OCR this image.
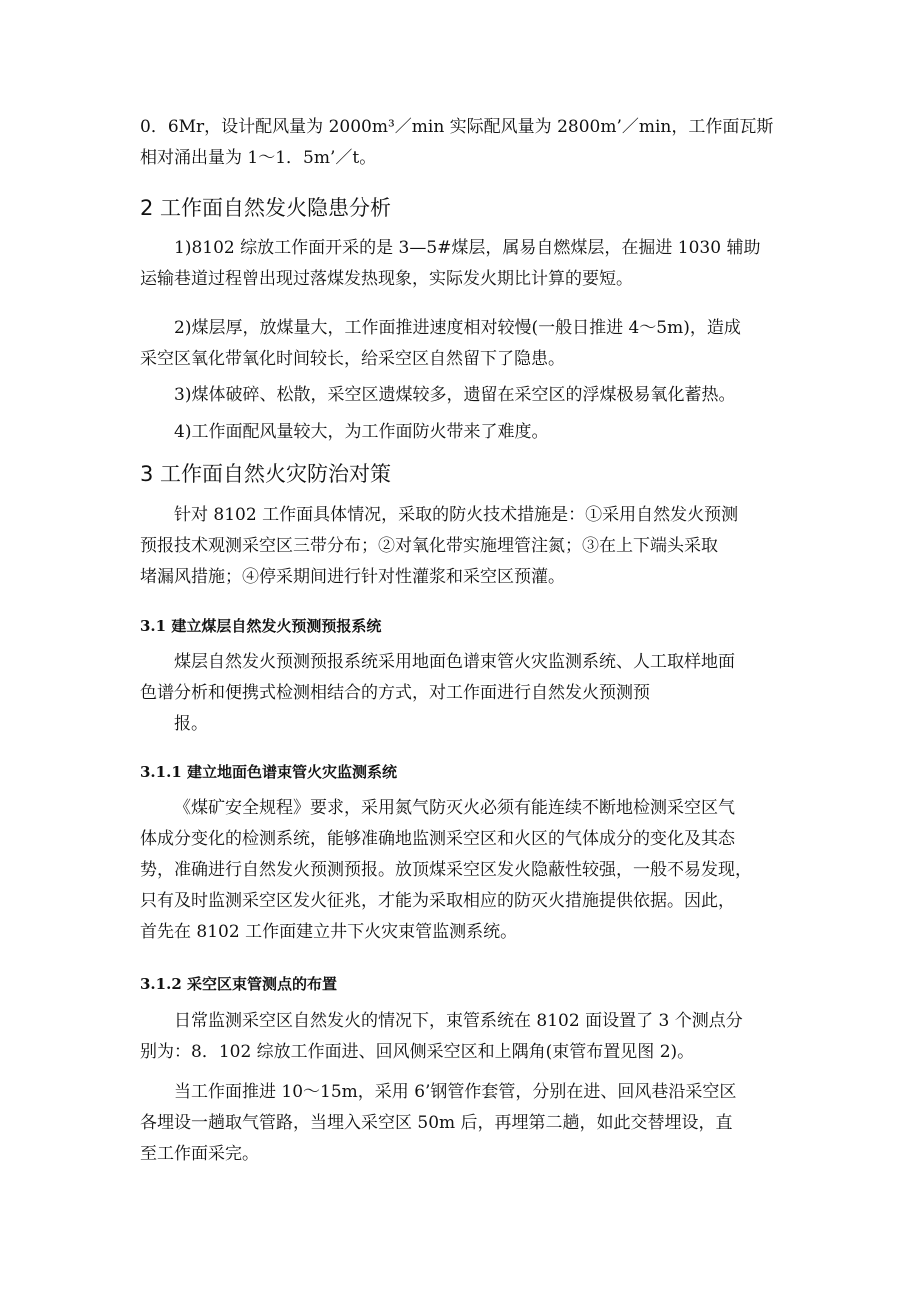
0．6Mr，设计配风量为 2000m³／min 实际配风量为 2800m’／min，工作面瓦斯
相对涌出量为 1～1．5m’／t。

2 工作面自然发火隐患分析

1)8102 综放工作面开采的是 3—5#煤层，属易自燃煤层，在掘进 1030 辅助
运输巷道过程曾出现过落煤发热现象，实际发火期比计算的要短。

2)煤层厚，放煤量大，工作面推进速度相对较慢(一般日推进 4～5m)，造成
采空区氧化带氧化时间较长，给采空区自然留下了隐患。

3)煤体破碎、松散，采空区遗煤较多，遗留在采空区的浮煤极易氧化蓄热。

4)工作面配风量较大，为工作面防火带来了难度。

3 工作面自然火灾防治对策

针对 8102 工作面具体情况，采取的防火技术措施是：①采用自然发火预测
预报技术观测采空区三带分布；②对氧化带实施埋管注氮；③在上下端头采取
堵漏风措施；④停采期间进行针对性灌浆和采空区预灌。

3.1 建立煤层自然发火预测预报系统

煤层自然发火预测预报系统采用地面色谱束管火灾监测系统、人工取样地面
色谱分析和便携式检测相结合的方式，对工作面进行自然发火预测预
报。

3.1.1 建立地面色谱束管火灾监测系统

《煤矿安全规程》要求，采用氮气防灭火必须有能连续不断地检测采空区气
体成分变化的检测系统，能够准确地监测采空区和火区的气体成分的变化及其态
势，准确进行自然发火预测预报。放顶煤采空区发火隐蔽性较强，一般不易发现，
只有及时监测采空区发火征兆，才能为采取相应的防灭火措施提供依据。因此，
首先在 8102 工作面建立井下火灾束管监测系统。

3.1.2 采空区束管测点的布置

日常监测采空区自然发火的情况下，束管系统在 8102 面设置了 3 个测点分
别为：8．102 综放工作面进、回风侧采空区和上隅角(束管布置见图 2)。

当工作面推进 10～15m，采用 6’钢管作套管，分别在进、回风巷沿采空区
各埋设一趟取气管路，当埋入采空区 50m 后，再埋第二趟，如此交替埋设，直
至工作面采完。
